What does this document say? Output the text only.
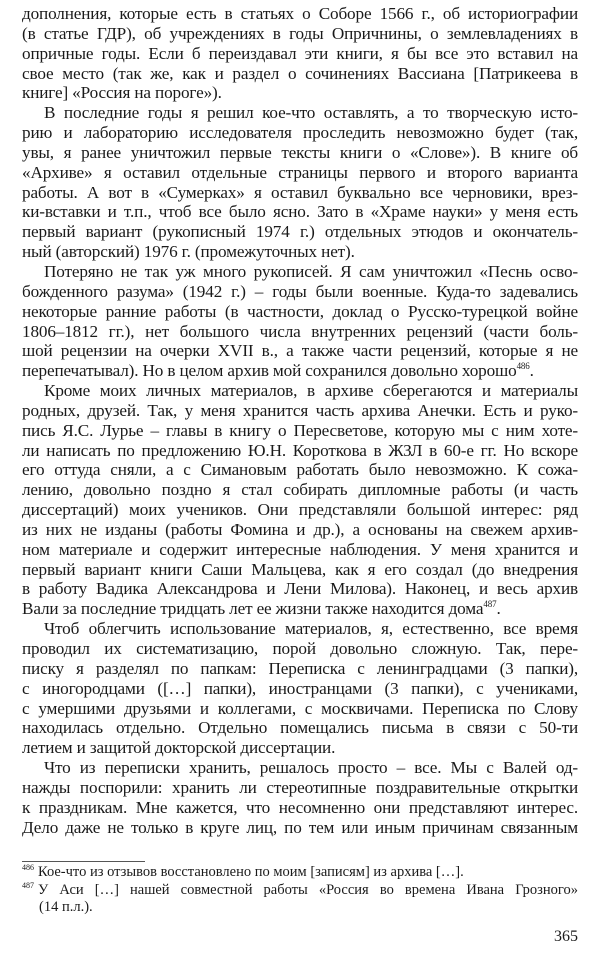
дополнения, которые есть в статьях о Соборе 1566 г., об историографии
(в статье ГДР), об учреждениях в годы Опричнины, о землевладениях в
опричные годы. Если б переиздавал эти книги, я бы все это вставил на
свое место (так же, как и раздел о сочинениях Вассиана [Патрикеева в
книге] «Россия на пороге»).
В последние годы я решил кое-что оставлять, а то творческую исто-
рию и лабораторию исследователя проследить невозможно будет (так,
увы, я ранее уничтожил первые тексты книги о «Слове»). В книге об
«Архиве» я оставил отдельные страницы первого и второго варианта
работы. А вот в «Сумерках» я оставил буквально все черновики, врез-
ки-вставки и т.п., чтоб все было ясно. Зато в «Храме науки» у меня есть
первый вариант (рукописный 1974 г.) отдельных этюдов и окончатель-
ный (авторский) 1976 г. (промежуточных нет).
Потеряно не так уж много рукописей. Я сам уничтожил «Песнь осво-
божденного разума» (1942 г.) – годы были военные. Куда-то задевались
некоторые ранние работы (в частности, доклад о Русско-турецкой войне
1806–1812 гг.), нет большого числа внутренних рецензий (части боль-
шой рецензии на очерки XVII в., а также части рецензий, которые я не
перепечатывал). Но в целом архив мой сохранился довольно хорошо$^{486}$.
Кроме моих личных материалов, в архиве сберегаются и материалы
родных, друзей. Так, у меня хранится часть архива Анечки. Есть и руко-
пись Я.С. Лурье – главы в книгу о Пересветове, которую мы с ним хоте-
ли написать по предложению Ю.Н. Короткова в ЖЗЛ в 60-е гг. Но вскоре
его оттуда сняли, а с Симановым работать было невозможно. К сожа-
лению, довольно поздно я стал собирать дипломные работы (и часть
диссертаций) моих учеников. Они представляли большой интерес: ряд
из них не изданы (работы Фомина и др.), а основаны на свежем архив-
ном материале и содержит интересные наблюдения. У меня хранится и
первый вариант книги Саши Мальцева, как я его создал (до внедрения
в работу Вадика Александрова и Лени Милова). Наконец, и весь архив
Вали за последние тридцать лет ее жизни также находится дома$^{487}$.
Чтоб облегчить использование материалов, я, естественно, все время
проводил их систематизацию, порой довольно сложную. Так, пере-
писку я разделял по папкам: Переписка с ленинградцами (3 папки),
с иногородцами ([…] папки), иностранцами (3 папки), с учениками,
с умершими друзьями и коллегами, с москвичами. Переписка по Слову
находилась отдельно. Отдельно помещались письма в связи с 50-ти
летием и защитой докторской диссертации.
Что из переписки хранить, решалось просто – все. Мы с Валей од-
нажды поспорили: хранить ли стереотипные поздравительные открытки
к праздникам. Мне кажется, что несомненно они представляют интерес.
Дело даже не только в круге лиц, по тем или иным причинам связанным
$^{486}$ Кое-что из отзывов восстановлено по моим [записям] из архива […].
$^{487}$ У Аси […] нашей совместной работы «Россия во времена Ивана Грозного»
(14 п.л.).
365
